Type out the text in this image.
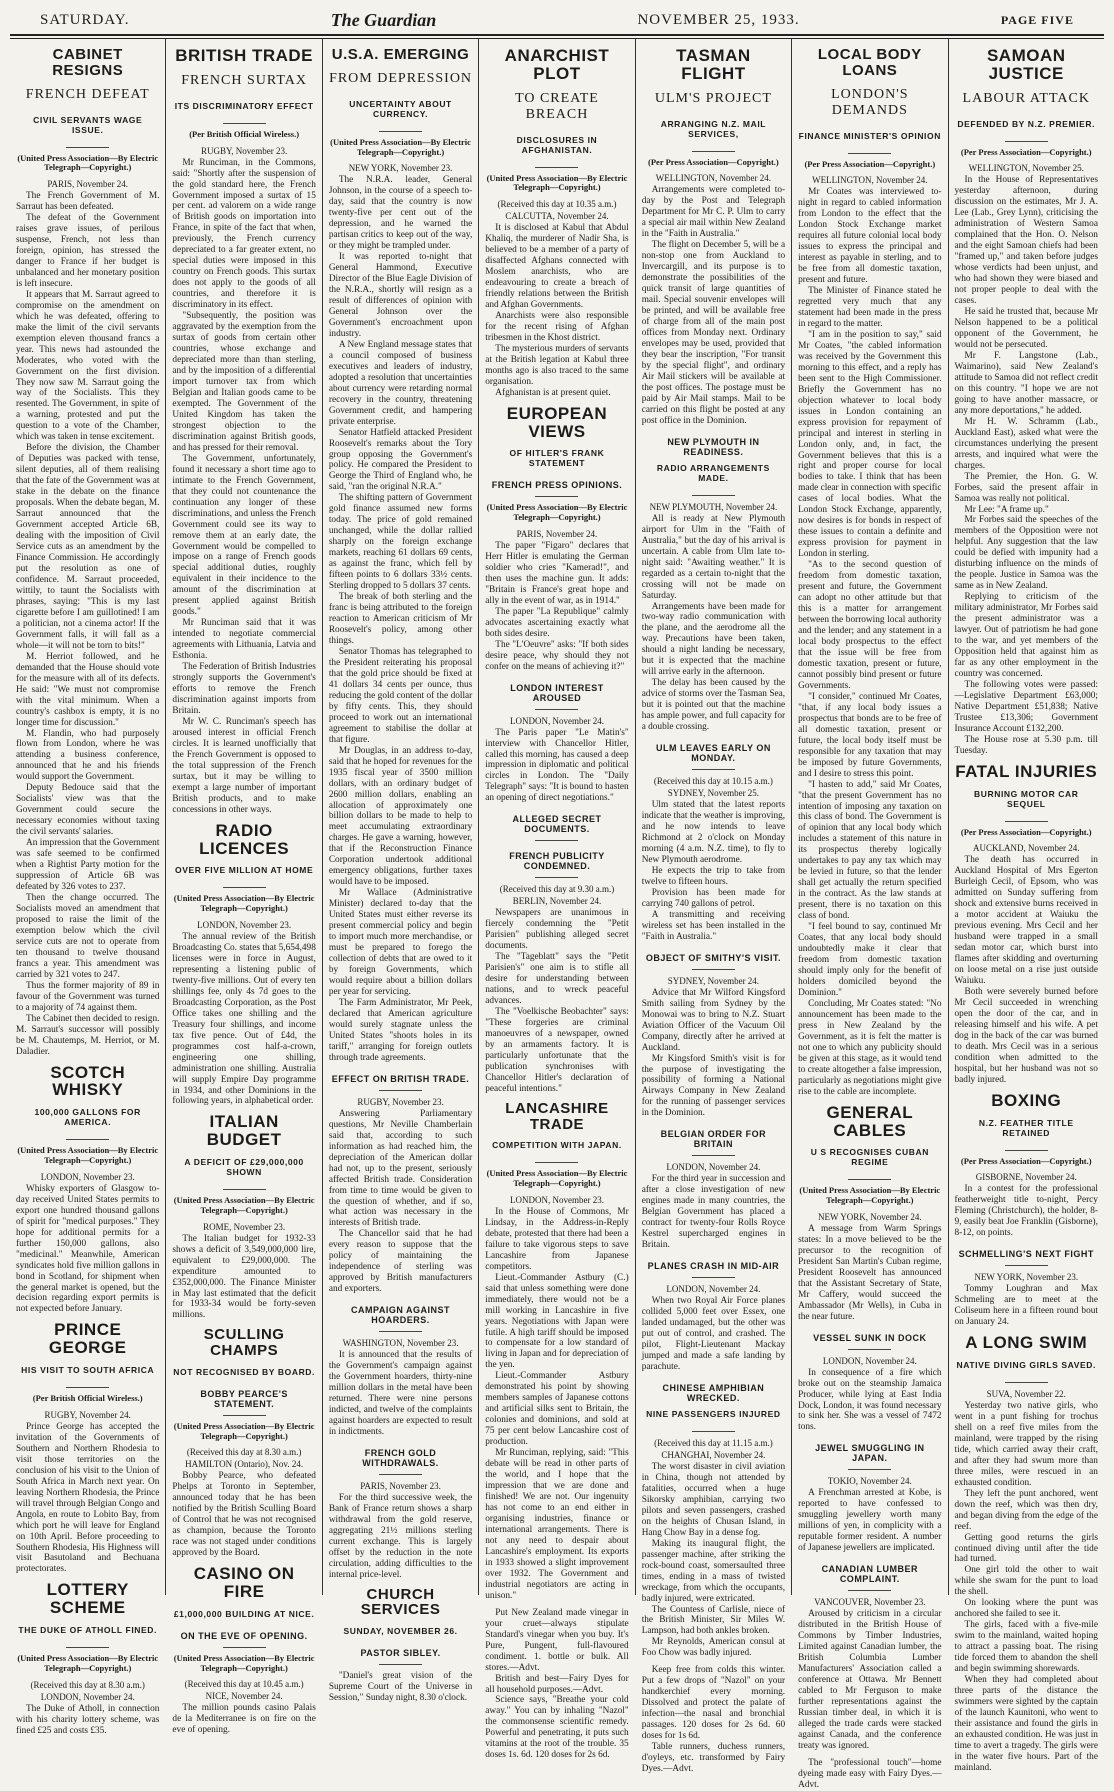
SATURDAY.	The Guardian	NOVEMBER 25, 1933.	PAGE FIVE
CABINET RESIGNS
FRENCH DEFEAT
CIVIL SERVANTS WAGE ISSUE.
(United Press Association—By Electric Telegraph—Copyright.)
PARIS, November 24.

The French Government of M. Sarraut has been defeated.

The defeat of the Government raises grave issues, of perilous suspense, French, not less than foreign, opinion, has stressed the danger to France if her budget is unbalanced and her monetary position is left insecure.

It appears that M. Sarraut agreed to compromise on the amendment on which he was defeated, offering to make the limit of the civil servants exemption eleven thousand francs a year. This news had astounded the Moderates, who voted with the Government on the first division. They now saw M. Sarraut going the way of the Socialists. This they resented. The Government, in spite of a warning, protested and put the question to a vote of the Chamber, which was taken in tense excitement.

Before the division, the Chamber of Deputies was packed with tense, silent deputies, all of them realising that the fate of the Government was at stake in the debate on the finance proposals. When the debate began, M. Sarraut announced that the Government accepted Article 6B, dealing with the imposition of Civil Service cuts as an amendment by the Finance Commission. He accordingly put the resolution as one of confidence. M. Sarraut proceeded, wittily, to taunt the Socialists with phrases, saying: "This is my last cigarette before I am guillotined! I am a politician, not a cinema actor! If the Government falls, it will fall as a whole—it will not be torn to bits!"

M. Herriot followed, and he demanded that the House should vote for the measure with all of its defects. He said: "We must not compromise with the vital minimum. When a country's cashbox is empty, it is no longer time for discussion."

M. Flandin, who had purposely flown from London, where he was attending a business conference, announced that he and his friends would support the Government.

Deputy Bedouce said that the Socialists' view was that the Government could secure the necessary economies without taxing the civil servants' salaries.

An impression that the Government was safe seemed to be confirmed when a Rightist Party motion for the suppression of Article 6B was defeated by 326 votes to 237.

Then the change occurred. The Socialists moved an amendment that proposed to raise the limit of the exemption below which the civil service cuts are not to operate from ten thousand to twelve thousand francs a year. This amendment was carried by 321 votes to 247.

Thus the former majority of 89 in favour of the Government was turned to a majority of 74 against them.

The Cabinet then decided to resign. M. Sarraut's successor will possibly be M. Chautemps, M. Herriot, or M. Daladier.

SCOTCH WHISKY
100,000 GALLONS FOR AMERICA.
(United Press Association—By Electric Telegraph—Copyright.)
LONDON, November 23.

Whisky exporters of Glasgow to-day received United States permits to export one hundred thousand gallons of spirit for "medical purposes." They hope for additional permits for a further 150,000 gallons, also "medicinal." Meanwhile, American syndicates hold five million gallons in bond in Scotland, for shipment when the general market is opened, but the decision regarding export permits is not expected before January.

PRINCE GEORGE
HIS VISIT TO SOUTH AFRICA
(Per British Official Wireless.)
RUGBY, November 24.

Prince George has accepted the invitation of the Governments of Southern and Northern Rhodesia to visit those territories on the conclusion of his visit to the Union of South Africa in March next year. On leaving Northern Rhodesia, the Prince will travel through Belgian Congo and Angola, en route to Lobito Bay, from which port he will leave for England on 10th April. Before proceeding to Southern Rhodesia, His Highness will visit Basutoland and Bechuana protectorates.

LOTTERY SCHEME
THE DUKE OF ATHOLL FINED.
(United Press Association—By Electric Telegraph—Copyright.)
(Received this day at 8.30 a.m.)
LONDON, November 24.

The Duke of Atholl, in connection with his charity lottery scheme, was fined £25 and costs £35.

BRITISH TRADE
FRENCH SURTAX
ITS DISCRIMINATORY EFFECT
(Per British Official Wireless.)
RUGBY, November 23.

Mr Runciman, in the Commons, said: "Shortly after the suspension of the gold standard here, the French Government imposed a surtax of 15 per cent. ad valorem on a wide range of British goods on importation into France, in spite of the fact that when, previously, the French currency depreciated to a far greater extent, no special duties were imposed in this country on French goods. This surtax does not apply to the goods of all countries, and therefore it is discriminatory in its effect.

"Subsequently, the position was aggravated by the exemption from the surtax of goods from certain other countries, whose exchange and depreciated more than than sterling, and by the imposition of a differential import turnover tax from which Belgian and Italian goods came to be exempted. The Government of the United Kingdom has taken the strongest objection to the discrimination against British goods, and has pressed for their removal.

The Government, unfortunately, found it necessary a short time ago to intimate to the French Government, that they could not countenance the continuation any longer of these discriminations, and unless the French Government could see its way to remove them at an early date, the Government would be compelled to impose on a range of French goods special additional duties, roughly equivalent in their incidence to the amount of the discrimination at present applied against British goods."

Mr Runciman said that it was intended to negotiate commercial agreements with Lithuania, Latvia and Esthonia.

The Federation of British Industries strongly supports the Government's efforts to remove the French discrimination against imports from Britain.

Mr W. C. Runciman's speech has aroused interest in official French circles. It is learned unofficially that the French Government is opposed to the total suppression of the French surtax, but it may be willing to exempt a large number of important British products, and to make concessions in other ways.

RADIO LICENCES
OVER FIVE MILLION AT HOME
(United Press Association—By Electric Telegraph—Copyright.)
LONDON, November 23.

The annual review of the British Broadcasting Co. states that 5,654,498 licenses were in force in August, representing a listening public of twenty-five millions. Out of every ten shillings fee, only 4s 7d goes to the Broadcasting Corporation, as the Post Office takes one shilling and the Treasury four shillings, and income tax five pence. Out of £4d, the programmes cost half-a-crown, engineering one shilling, administration one shilling. Australia will supply Empire Day programme in 1934, and other Dominions in the following years, in alphabetical order.

ITALIAN BUDGET
A DEFICIT OF £29,000,000 SHOWN
(United Press Association—By Electric Telegraph—Copyright.)
ROME, November 23.

The Italian budget for 1932-33 shows a deficit of 3,549,000,000 lire, equivalent to £29,000,000. The expenditure amounted to £352,000,000. The Finance Minister in May last estimated that the deficit for 1933-34 would be forty-seven millions.

SCULLING CHAMPS
NOT RECOGNISED BY BOARD.
BOBBY PEARCE'S STATEMENT.
(United Press Association—By Electric Telegraph—Copyright.)
(Received this day at 8.30 a.m.)
HAMILTON (Ontario), Nov. 24.

Bobby Pearce, who defeated Phelps at Toronto in September, announced today that he has been notified by the British Sculling Board of Control that he was not recognised as champion, because the Toronto race was not staged under conditions approved by the Board.

CASINO ON FIRE
£1,000,000 BUILDING AT NICE.
ON THE EVE OF OPENING.
(United Press Association—By Electric Telegraph—Copyright.)
(Received this day at 10.45 a.m.)
NICE, November 24.

The million pounds casino Palais de la Mediterranee is on fire on the eve of opening.

U.S.A. EMERGING
FROM DEPRESSION
UNCERTAINTY ABOUT CURRENCY.
(United Press Association—By Electric Telegraph—Copyright.)
NEW YORK, November 23.

The N.R.A. leader, General Johnson, in the course of a speech to-day, said that the country is now twenty-five per cent out of the depression, and he warned the partisan critics to keep out of the way, or they might be trampled under.

It was reported to-night that General Hammond, Executive Director of the Blue Eagle Division of the N.R.A., shortly will resign as a result of differences of opinion with General Johnson over the Government's encroachment upon industry.

A New England message states that a council composed of business executives and leaders of industry, adopted a resolution that uncertainties about currency were retarding normal recovery in the country, threatening Government credit, and hampering private enterprise.

Senator Hatfield attacked President Roosevelt's remarks about the Tory group opposing the Government's policy. He compared the President to George the Third of England who, he said, "ran the original N.R.A."

The shifting pattern of Government gold finance assumed new forms today. The price of gold remained unchanged, while the dollar rallied sharply on the foreign exchange markets, reaching 61 dollars 69 cents, as against the franc, which fell by fifteen points to 6 dollars 33½ cents. Sterling dropped to 5 dollars 37 cents.

The break of both sterling and the franc is being attributed to the foreign reaction to American criticism of Mr Roosevelt's policy, among other things.

Senator Thomas has telegraphed to the President reiterating his proposal that the gold price should be fixed at 41 dollars 34 cents per ounce, thus reducing the gold content of the dollar by fifty cents. This, they should proceed to work out an international agreement to stabilise the dollar at that figure.

Mr Douglas, in an address to-day, said that he hoped for revenues for the 1935 fiscal year of 3500 million dollars, with an ordinary budget of 2600 million dollars, enabling an allocation of approximately one billion dollars to be made to help to meet accumulating extraordinary charges. He gave a warning, however, that if the Reconstruction Finance Corporation undertook additional emergency obligations, further taxes would have to be imposed.

Mr Wallace (Administrative Minister) declared to-day that the United States must either reverse its present commercial policy and begin to import much more merchandise, or must be prepared to forego the collection of debts that are owed to it by foreign Governments, which would require about a billion dollars per year for servicing.

The Farm Administrator, Mr Peek, declared that American agriculture would surely stagnate unless the United States "shoots holes in its tariff," arranging for foreign outlets through trade agreements.

EFFECT ON BRITISH TRADE.
RUGBY, November 23.

Answering Parliamentary questions, Mr Neville Chamberlain said that, according to such information as had reached him, the depreciation of the American dollar had not, up to the present, seriously affected British trade. Consideration from time to time would be given to the question of whether, and if so, what action was necessary in the interests of British trade.

The Chancellor said that he had every reason to suppose that the policy of maintaining the independence of sterling was approved by British manufacturers and exporters.

CAMPAIGN AGAINST HOARDERS.
WASHINGTON, November 23.

It is announced that the results of the Government's campaign against the Government hoarders, thirty-nine million dollars in the metal have been returned. There were nine persons indicted, and twelve of the complaints against hoarders are expected to result in indictments.

FRENCH GOLD WITHDRAWALS.
PARIS, November 23.

For the third successive week, the Bank of France return shows a sharp withdrawal from the gold reserve, aggregating 21½ millions sterling current exchange. This is largely offset by the reduction in the note circulation, adding difficulties to the internal price-level.

CHURCH SERVICES
SUNDAY, NOVEMBER 26.
PASTOR SIBLEY.

"Daniel's great vision of the Supreme Court of the Universe in Session," Sunday night, 8.30 o'clock.

ANARCHIST PLOT
TO CREATE BREACH
DISCLOSURES IN AFGHANISTAN.
(United Press Association—By Electric Telegraph—Copyright.)
(Received this day at 10.35 a.m.)
CALCUTTA, November 24.

It is disclosed at Kabul that Abdul Khaliq, the murderer of Nadir Sha, is believed to be a member of a party of disaffected Afghans connected with Moslem anarchists, who are endeavouring to create a breach of friendly relations between the British and Afghan Governments.

Anarchists were also responsible for the recent rising of Afghan tribesmen in the Khost district.

The mysterious murders of servants at the British legation at Kabul three months ago is also traced to the same organisation.

Afghanistan is at present quiet.

EUROPEAN VIEWS
OF HITLER'S FRANK STATEMENT
FRENCH PRESS OPINIONS.
(United Press Association—By Electric Telegraph—Copyright.)
PARIS, November 24.

The paper "Figaro" declares that Herr Hitler is emulating the German soldier who cries "Kamerad!", and then uses the machine gun. It adds: "Britain is France's great hope and ally in the event of war, as in 1914."

The paper "La Republique" calmly advocates ascertaining exactly what both sides desire.

The "L'Oeuvre" asks: "If both sides desire peace, why should they not confer on the means of achieving it?"

LONDON INTEREST AROUSED
LONDON, November 24.

The Paris paper "Le Matin's" interview with Chancellor Hitler, called this morning, has caused a deep impression in diplomatic and political circles in London. The "Daily Telegraph" says: "It is bound to hasten an opening of direct negotiations."

ALLEGED SECRET DOCUMENTS.
FRENCH PUBLICITY CONDEMNED.
(Received this day at 9.30 a.m.)
BERLIN, November 24.

Newspapers are unanimous in fiercely condemning the "Petit Parisien" publishing alleged secret documents.

The "Tageblatt" says the "Petit Parisien's" one aim is to stifle all desire for understanding between nations, and to wreck peaceful advances.

The "Voelkische Beobachter" says: "These forgeries are criminal manoeuvres of a newspaper, owned by an armaments factory. It is particularly unfortunate that the publication synchronises with Chancellor Hitler's declaration of peaceful intentions."

LANCASHIRE TRADE
COMPETITION WITH JAPAN.
(United Press Association—By Electric Telegraph—Copyright.)
LONDON, November 23.

In the House of Commons, Mr Lindsay, in the Address-in-Reply debate, protested that there had been a failure to take vigorous steps to save Lancashire from Japanese competitors.

Lieut.-Commander Astbury (C.) said that unless something were done immediately, there would not be a mill working in Lancashire in five years. Negotiations with Japan were futile. A high tariff should be imposed to compensate for a low standard of living in Japan and for depreciation of the yen.

Lieut.-Commander Astbury demonstrated his point by showing members samples of Japanese cottons and artificial silks sent to Britain, the colonies and dominions, and sold at 75 per cent below Lancashire cost of production.

Mr Runciman, replying, said: "This debate will be read in other parts of the world, and I hope that the impression that we are done and finished! We are not. Our ingenuity has not come to an end either in organising industries, finance or international arrangements. There is not any need to despair about Lancashire's employment. Its exports in 1933 showed a slight improvement over 1932. The Government and industrial negotiators are acting in unison."

Put New Zealand made vinegar in your cruet—always stipulate Standard's vinegar when you buy. It's Pure, Pungent, full-flavoured condiment. 1. bottle or bulk. All stores.—Advt.

British and best—Fairy Dyes for all household purposes.—Advt.

Science says, "Breathe your cold away." You can by inhaling "Nazol" the commonsense scientific remedy. Powerful and penetrating, it puts such vitamins at the root of the trouble. 35 doses 1s. 6d. 120 doses for 2s 6d.

TASMAN FLIGHT
ULM'S PROJECT
ARRANGING N.Z. MAIL SERVICES,
(Per Press Association—Copyright.)
WELLINGTON, November 24.

Arrangements were completed to-day by the Post and Telegraph Department for Mr C. P. Ulm to carry a special air mail within New Zealand in the "Faith in Australia."

The flight on December 5, will be a non-stop one from Auckland to Invercargill, and its purpose is to demonstrate the possibilities of the quick transit of large quantities of mail. Special souvenir envelopes will be printed, and will be available free of charge from all of the main post offices from Monday next. Ordinary envelopes may be used, provided that they bear the inscription, "For transit by the special flight", and ordinary Air Mail stickers will be available at the post offices. The postage must be paid by Air Mail stamps. Mail to be carried on this flight be posted at any post office in the Dominion.

NEW PLYMOUTH IN READINESS.
RADIO ARRANGEMENTS MADE.
NEW PLYMOUTH, November 24.

All is ready at New Plymouth airport for Ulm in the "Faith of Australia," but the day of his arrival is uncertain. A cable from Ulm late to-night said: "Awaiting weather." It is regarded as a certain to-night that the crossing will not be made on Saturday.

Arrangements have been made for two-way radio communication with the plane, and the aerodrome all the way. Precautions have been taken, should a night landing be necessary, but it is expected that the machine will arrive early in the afternoon.

The delay has been caused by the advice of storms over the Tasman Sea, but it is pointed out that the machine has ample power, and full capacity for a double crossing.

ULM LEAVES EARLY ON MONDAY.
(Received this day at 10.15 a.m.)
SYDNEY, November 25.

Ulm stated that the latest reports indicate that the weather is improving, and he now intends to leave Richmond at 2 o'clock on Monday morning (4 a.m. N.Z. time), to fly to New Plymouth aerodrome.

He expects the trip to take from twelve to fifteen hours.

Provision has been made for carrying 740 gallons of petrol.

A transmitting and receiving wireless set has been installed in the "Faith in Australia."

OBJECT OF SMITHY'S VISIT.
SYDNEY, November 24.

Advice that Mr Wilford Kingsford Smith sailing from Sydney by the Monowai was to bring to N.Z. Stuart Aviation Officer of the Vacuum Oil Company, directly after he arrived at Auckland.

Mr Kingsford Smith's visit is for the purpose of investigating the possibility of forming a National Airways Company in New Zealand for the running of passenger services in the Dominion.

BELGIAN ORDER FOR BRITAIN
LONDON, November 24.

For the third year in succession and after a close investigation of new engines made in many countries, the Belgian Government has placed a contract for twenty-four Rolls Royce Kestrel supercharged engines in Britain.

PLANES CRASH IN MID-AIR
LONDON, November 24.

When two Royal Air Force planes collided 5,000 feet over Essex, one landed undamaged, but the other was put out of control, and crashed. The pilot, Flight-Lieutenant Mackay jumped and made a safe landing by parachute.

CHINESE AMPHIBIAN WRECKED.
NINE PASSENGERS INJURED
(Received this day at 11.15 a.m.)
CHANGHAI, November 24.

The worst disaster in civil aviation in China, though not attended by fatalities, occurred when a huge Sikorsky amphibian, carrying two pilots and seven passengers, crashed on the heights of Chusan Island, in Hang Chow Bay in a dense fog.

Making its inaugural flight, the passenger machine, after striking the rock-bound coast, somersaulted three times, ending in a mass of twisted wreckage, from which the occupants, badly injured, were extricated.

The Countess of Carlisle, niece of the British Minister, Sir Miles W. Lampson, had both ankles broken.

Mr Reynolds, American consul at Foo Chow was badly injured.

Keep free from colds this winter. Put a few drops of "Nazol" on your handkerchief every morning. Dissolved and protect the palate of infection—the nasal and bronchial passages. 120 doses for 2s 6d. 60 doses for 1s 6d.

Table runners, duchess runners, d'oyleys, etc. transformed by Fairy Dyes.—Advt.

LOCAL BODY LOANS
LONDON'S DEMANDS
FINANCE MINISTER'S OPINION
(Per Press Association—Copyright.)
WELLINGTON, November 24.

Mr Coates was interviewed to-night in regard to cabled information from London to the effect that the London Stock Exchange market requires all future colonial local body issues to express the principal and interest as payable in sterling, and to be free from all domestic taxation, present and future.

The Minister of Finance stated he regretted very much that any statement had been made in the press in regard to the matter.

"I am in the position to say," said Mr Coates, "the cabled information was received by the Government this morning to this effect, and a reply has been sent to the High Commissioner. Briefly the Government has no objection whatever to local body issues in London containing an express provision for repayment of principal and interest in sterling in London only, and, in fact, the Government believes that this is a right and proper course for local bodies to take. I think that has been made clear in connection with specific cases of local bodies. What the London Stock Exchange, apparently, now desires is for bonds in respect of these issues to contain a definite and express provision for payment in London in sterling.

"As to the second question of freedom from domestic taxation, present and future, the Government can adopt no other attitude but that this is a matter for arrangement between the borrowing local authority and the lender; and any statement in a local body prospectus to the effect that the issue will be free from domestic taxation, present or future, cannot possibly bind present or future Governments.

"I consider," continued Mr Coates, "that, if any local body issues a prospectus that bonds are to be free of all domestic taxation, present or future, the local body itself must be responsible for any taxation that may be imposed by future Governments, and I desire to stress this point.

"I hasten to add," said Mr Coates, "that the present Government has no intention of imposing any taxation on this class of bond. The Government is of opinion that any local body which includes a statement of this nature in its prospectus thereby logically undertakes to pay any tax which may be levied in future, so that the lender shall get actually the return specified in the contract. As the law stands at present, there is no taxation on this class of bond.

"I feel bound to say, continued Mr Coates, that any local body should undoubtedly make it clear that freedom from domestic taxation should imply only for the benefit of holders domiciled beyond the Dominion."

Concluding, Mr Coates stated: "No announcement has been made to the press in New Zealand by the Government, as it is felt the matter is not one to which any publicity should be given at this stage, as it would tend to create altogether a false impression, particularly as negotiations might give rise to the cable are incomplete.

GENERAL CABLES
U S RECOGNISES CUBAN REGIME
(United Press Association—By Electric Telegraph—Copyright.)
NEW YORK, November 24.

A message from Warm Springs states: In a move believed to be the precursor to the recognition of President San Martin's Cuban regime, President Roosevelt has announced that the Assistant Secretary of State, Mr Caffery, would succeed the Ambassador (Mr Wells), in Cuba in the near future.

VESSEL SUNK IN DOCK
LONDON, November 24.

In consequence of a fire which broke out on the steamship Jamaica Producer, while lying at East India Dock, London, it was found necessary to sink her. She was a vessel of 7472 tons.

JEWEL SMUGGLING IN JAPAN.
TOKIO, November 24.

A Frenchman arrested at Kobe, is reported to have confessed to smuggling jewellery worth many millions of yen, in complicity with a reputable former resident. A number of Japanese jewellers are implicated.

CANADIAN LUMBER COMPLAINT.
VANCOUVER, November 23.

Aroused by criticism in a circular distributed in the British House of Commons by Timber Industries, Limited against Canadian lumber, the British Columbia Lumber Manufacturers' Association called a conference at Ottawa. Mr Bennett cabled to Mr Ferguson to make further representations against the Russian timber deal, in which it is alleged the trade cards were stacked against Canada, and the conference treaty was ignored.

The "professional touch"—home dyeing made easy with Fairy Dyes.—Advt.

SAMOAN JUSTICE
LABOUR ATTACK
DEFENDED BY N.Z. PREMIER.
(Per Press Association—Copyright.)
WELLINGTON, November 25.

In the House of Representatives yesterday afternoon, during discussion on the estimates, Mr J. A. Lee (Lab., Grey Lynn), criticising the administration of Western Samoa complained that the Hon. O. Nelson and the eight Samoan chiefs had been "framed up," and taken before judges whose verdicts had been unjust, and who had shown they were biased and not proper people to deal with the cases.

He said he trusted that, because Mr Nelson happened to be a political opponent of the Government, he would not be persecuted.

Mr F. Langstone (Lab., Waimarino), said New Zealand's attitude to Samoa did not reflect credit on this country. "I hope we are not going to have another massacre, or any more deportations," he added.

Mr H. W. Schramm (Lab., Auckland East), asked what were the circumstances underlying the present arrests, and inquired what were the charges.

The Premier, the Hon. G. W. Forbes, said the present affair in Samoa was really not political.

Mr Lee: "A frame up."

Mr Forbes said the speeches of the members of the Opposition were not helpful. Any suggestion that the law could be defied with impunity had a disturbing influence on the minds of the people. Justice in Samoa was the same as in New Zealand.

Replying to criticism of the military administrator, Mr Forbes said the present administrator was a lawyer. Out of patriotism he had gone to the war, and yet members of the Opposition held that against him as far as any other employment in the country was concerned.

The following votes were passed:—Legislative Department £63,000; Native Department £51,838; Native Trustee £13,306; Government Insurance Account £132,200.

The House rose at 5.30 p.m. till Tuesday.

FATAL INJURIES
BURNING MOTOR CAR SEQUEL
(Per Press Association—Copyright.)
AUCKLAND, November 24.

The death has occurred in Auckland Hospital of Mrs Egerton Burleigh Cecil, of Epsom, who was admitted on Sunday suffering from shock and extensive burns received in a motor accident at Waiuku the previous evening. Mrs Cecil and her husband were trapped in a small sedan motor car, which burst into flames after skidding and overturning on loose metal on a rise just outside Waiuku.

Both were severely burned before Mr Cecil succeeded in wrenching open the door of the car, and in releasing himself and his wife. A pet dog in the back of the car was burned to death. Mrs Cecil was in a serious condition when admitted to the hospital, but her husband was not so badly injured.

BOXING
N.Z. FEATHER TITLE RETAINED
(Per Press Association—Copyright.)
GISBORNE, November 24.

In a contest for the professional featherweight title to-night, Percy Fleming (Christchurch), the holder, 8-9, easily beat Joe Franklin (Gisborne), 8-12, on points.

SCHMELLING'S NEXT FIGHT
NEW YORK, November 23.

Tommy Loughran and Max Schmeling are to meet at the Coliseum here in a fifteen round bout on January 24.

A LONG SWIM
NATIVE DIVING GIRLS SAVED.
SUVA, November 22.

Yesterday two native girls, who went in a punt fishing for trochus shell on a reef five miles from the mainland, were trapped by the rising tide, which carried away their craft, and after they had swum more than three miles, were rescued in an exhausted condition.

They left the punt anchored, went down the reef, which was then dry, and began diving from the edge of the reef.

Getting good returns the girls continued diving until after the tide had turned.

One girl told the other to wait while she swam for the punt to load the shell.

On looking where the punt was anchored she failed to see it.

The girls, faced with a five-mile swim to the mainland, waited hoping to attract a passing boat. The rising tide forced them to abandon the shell and begin swimming shorewards.

When they had completed about three parts of the distance the swimmers were sighted by the captain of the launch Kaunitoni, who went to their assistance and found the girls in an exhausted condition. He was just in time to avert a tragedy. The girls were in the water five hours. Part of the mainland.
